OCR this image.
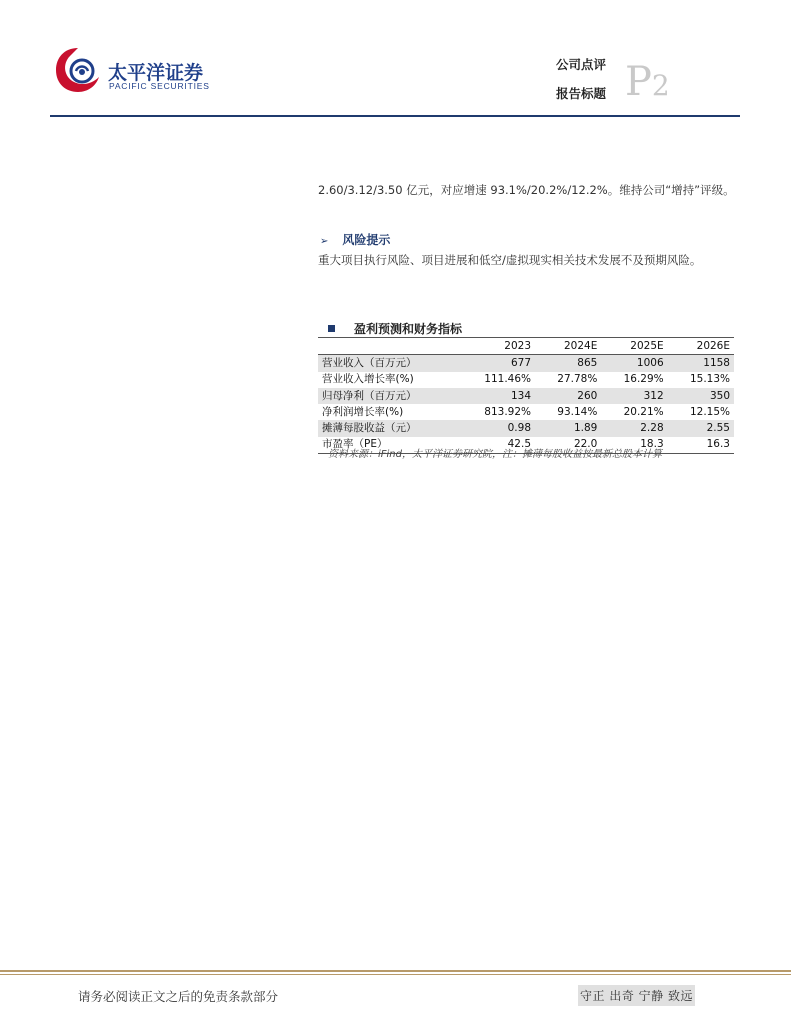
太平洋证券
PACIFIC SECURITIES
公司点评
报告标题 P2
2.60/3.12/3.50 亿元，对应增速 93.1%/20.2%/12.2%。维持公司“增持”评级。
➢ 风险提示
重大项目执行风险、项目进展和低空/虚拟现实相关技术发展不及预期风险。
盈利预测和财务指标
	2023	2024E	2025E	2026E
营业收入（百万元）	677	865	1006	1158
营业收入增长率(%)	111.46%	27.78%	16.29%	15.13%
归母净利（百万元）	134	260	312	350
净利润增长率(%)	813.92%	93.14%	20.21%	12.15%
摊薄每股收益（元）	0.98	1.89	2.28	2.55
市盈率（PE）	42.5	22.0	18.3	16.3
资料来源：iFind，太平洋证券研究院，注：摊薄每股收益按最新总股本计算
请务必阅读正文之后的免责条款部分	守正 出奇 宁静 致远
